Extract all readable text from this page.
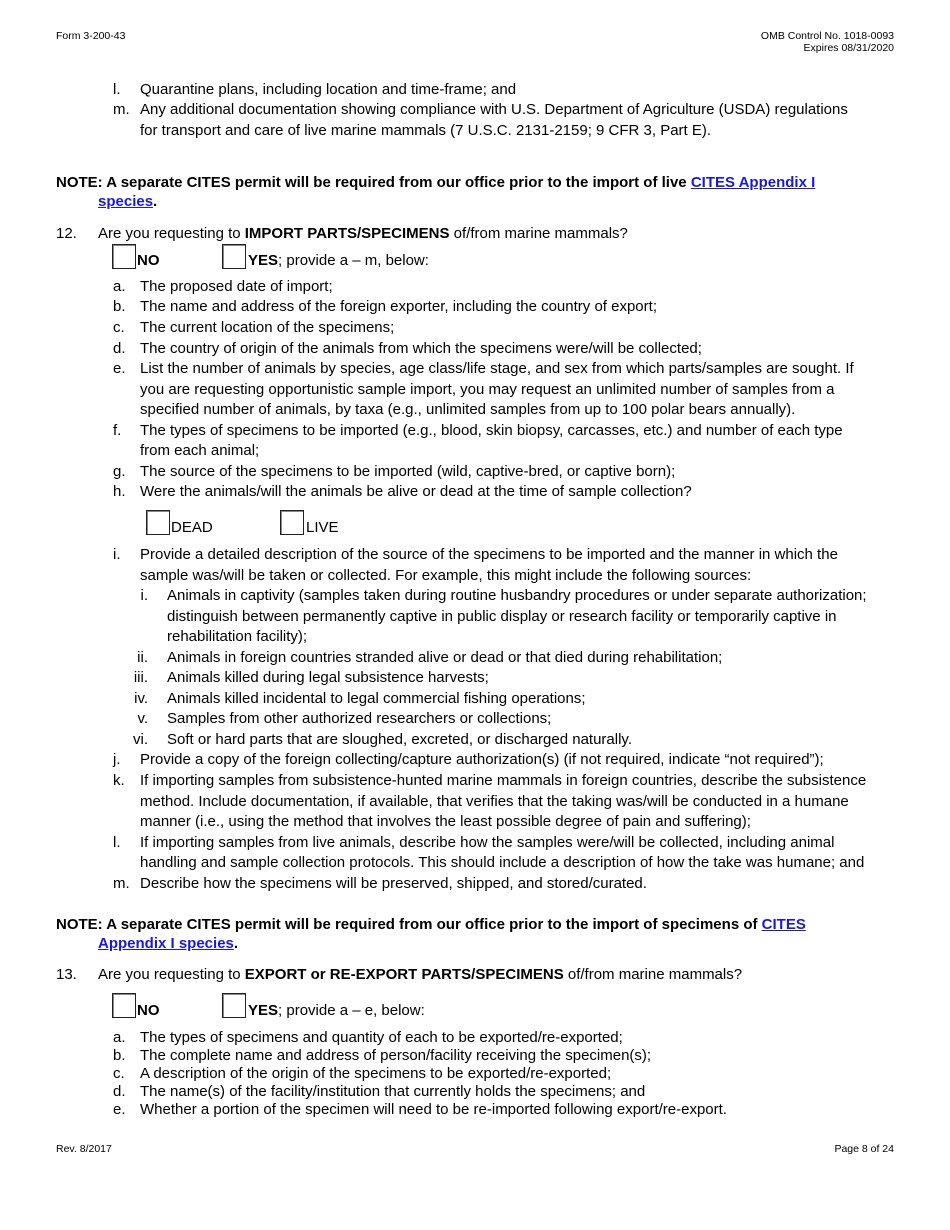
Form 3-200-43	OMB Control No. 1018-0093
Expires 08/31/2020
l. Quarantine plans, including location and time-frame; and
m. Any additional documentation showing compliance with U.S. Department of Agriculture (USDA) regulations
for transport and care of live marine mammals (7 U.S.C. 2131-2159; 9 CFR 3, Part E).
NOTE: A separate CITES permit will be required from our office prior to the import of live CITES Appendix I
species.
12. Are you requesting to IMPORT PARTS/SPECIMENS of/from marine mammals?
NO	YES; provide a – m, below:
a. The proposed date of import;
b. The name and address of the foreign exporter, including the country of export;
c. The current location of the specimens;
d. The country of origin of the animals from which the specimens were/will be collected;
e. List the number of animals by species, age class/life stage, and sex from which parts/samples are sought. If
you are requesting opportunistic sample import, you may request an unlimited number of samples from a
specified number of animals, by taxa (e.g., unlimited samples from up to 100 polar bears annually).
f. The types of specimens to be imported (e.g., blood, skin biopsy, carcasses, etc.) and number of each type
from each animal;
g. The source of the specimens to be imported (wild, captive-bred, or captive born);
h. Were the animals/will the animals be alive or dead at the time of sample collection?
DEAD	LIVE
i. Provide a detailed description of the source of the specimens to be imported and the manner in which the
sample was/will be taken or collected. For example, this might include the following sources:
i. Animals in captivity (samples taken during routine husbandry procedures or under separate authorization;
distinguish between permanently captive in public display or research facility or temporarily captive in
rehabilitation facility);
ii. Animals in foreign countries stranded alive or dead or that died during rehabilitation;
iii. Animals killed during legal subsistence harvests;
iv. Animals killed incidental to legal commercial fishing operations;
v. Samples from other authorized researchers or collections;
vi. Soft or hard parts that are sloughed, excreted, or discharged naturally.
j. Provide a copy of the foreign collecting/capture authorization(s) (if not required, indicate “not required”);
k. If importing samples from subsistence-hunted marine mammals in foreign countries, describe the subsistence
method. Include documentation, if available, that verifies that the taking was/will be conducted in a humane
manner (i.e., using the method that involves the least possible degree of pain and suffering);
l. If importing samples from live animals, describe how the samples were/will be collected, including animal
handling and sample collection protocols. This should include a description of how the take was humane; and
m. Describe how the specimens will be preserved, shipped, and stored/curated.
NOTE: A separate CITES permit will be required from our office prior to the import of specimens of CITES
Appendix I species.
13. Are you requesting to EXPORT or RE-EXPORT PARTS/SPECIMENS of/from marine mammals?
NO	YES; provide a – e, below:
a. The types of specimens and quantity of each to be exported/re-exported;
b. The complete name and address of person/facility receiving the specimen(s);
c. A description of the origin of the specimens to be exported/re-exported;
d. The name(s) of the facility/institution that currently holds the specimens; and
e. Whether a portion of the specimen will need to be re-imported following export/re-export.
Rev. 8/2017	Page 8 of 24
